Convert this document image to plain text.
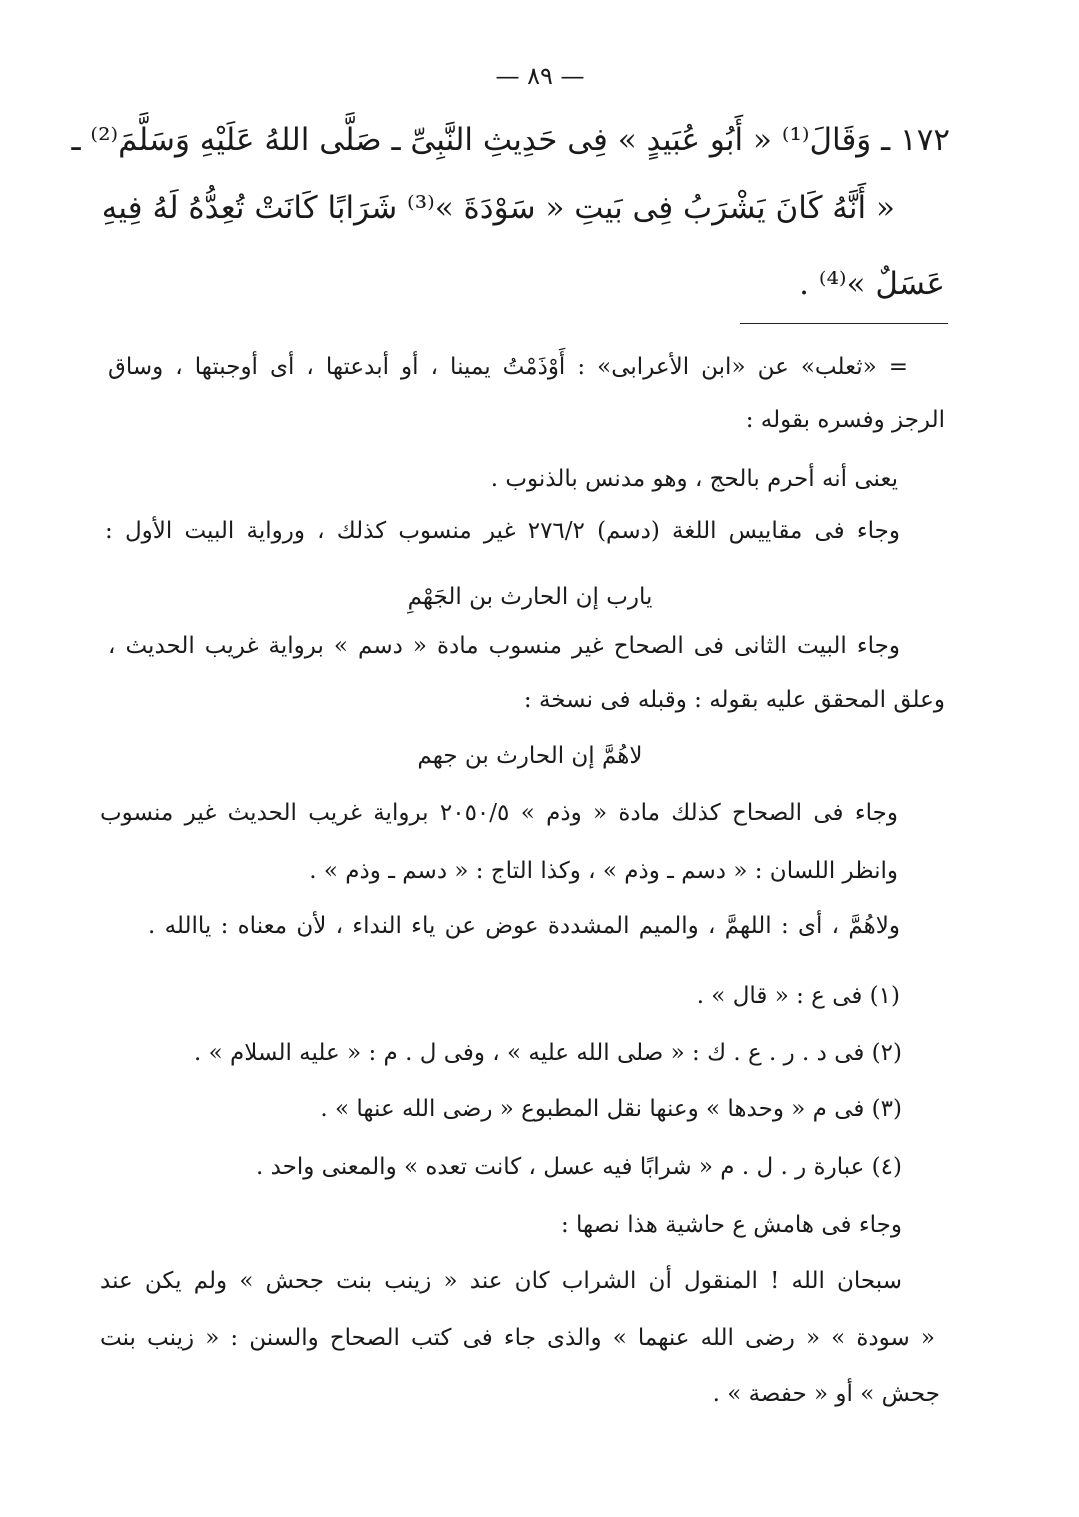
— ٨٩ —
١٧٢ ـ وَقَالَ⁽¹⁾ « أَبُو عُبَيدٍ » فِى حَدِيثِ النَّبِىِّ ـ صَلَّى اللهُ عَلَيْهِ وَسَلَّمَ⁽²⁾ ـ
« أَنَّهُ كَانَ يَشْرَبُ فِى بَيتِ « سَوْدَةَ »⁽³⁾ شَرَابًا كَانَتْ تُعِدُّهُ لَهُ فِيهِ
عَسَلٌ »⁽⁴⁾ .
= «ثعلب» عن «ابن الأعرابى» : أَوْذَمْتُ يمينا ، أو أبدعتها ، أى أوجبتها ، وساق
الرجز وفسره بقوله :
يعنى أنه أحرم بالحج ، وهو مدنس بالذنوب .
وجاء فى مقاييس اللغة (دسم) ٢٧٦/٢ غير منسوب كذلك ، ورواية البيت الأول :
يارب إن الحارث بن الجَهْمِ
وجاء البيت الثانى فى الصحاح غير منسوب مادة « دسم » برواية غريب الحديث ،
وعلق المحقق عليه بقوله : وقبله فى نسخة :
لاهُمَّ إن الحارث بن جهم
وجاء فى الصحاح كذلك مادة « وذم » ٢٠٥٠/٥ برواية غريب الحديث غير منسوب
وانظر اللسان : « دسم ـ وذم » ، وكذا التاج : « دسم ـ وذم » .
ولاهُمَّ ، أى : اللهمَّ ، والميم المشددة عوض عن ياء النداء ، لأن معناه : ياالله .
(١) فى ع : « قال » .
(٢) فى د . ر . ع . ك : « صلى الله عليه » ، وفى ل . م : « عليه السلام » .
(٣) فى م « وحدها » وعنها نقل المطبوع « رضى الله عنها » .
(٤) عبارة ر . ل . م « شرابًا فيه عسل ، كانت تعده » والمعنى واحد .
وجاء فى هامش ع حاشية هذا نصها :
سبحان الله ! المنقول أن الشراب كان عند « زينب بنت جحش » ولم يكن عند
« سودة » « رضى الله عنهما » والذى جاء فى كتب الصحاح والسنن : « زينب بنت
جحش » أو « حفصة » .
